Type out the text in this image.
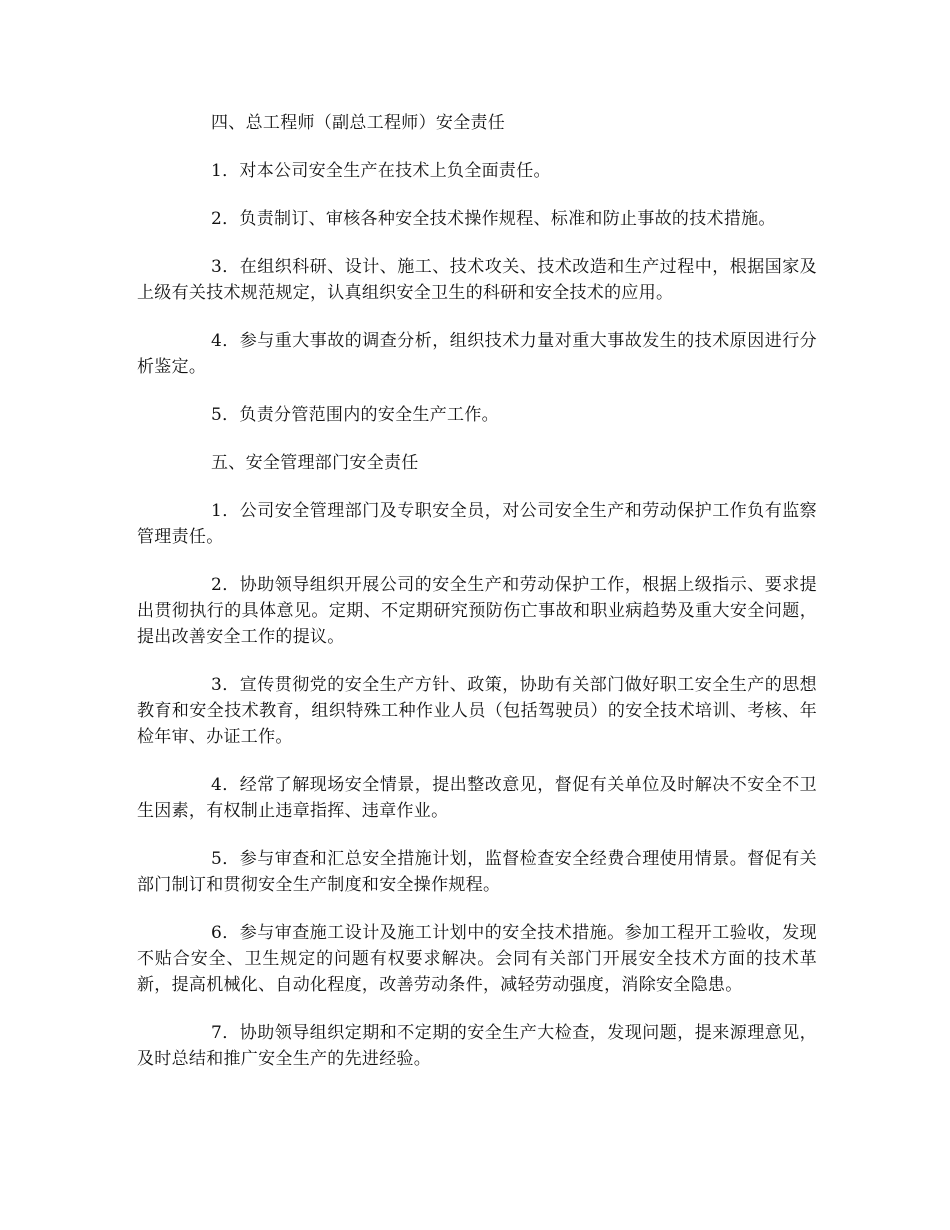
四、总工程师（副总工程师）安全责任

1．对本公司安全生产在技术上负全面责任。

2．负责制订、审核各种安全技术操作规程、标准和防止事故的技术措施。

3．在组织科研、设计、施工、技术攻关、技术改造和生产过程中，根据国家及上级有关技术规范规定，认真组织安全卫生的科研和安全技术的应用。

4．参与重大事故的调查分析，组织技术力量对重大事故发生的技术原因进行分析鉴定。

5．负责分管范围内的安全生产工作。

五、安全管理部门安全责任

1．公司安全管理部门及专职安全员，对公司安全生产和劳动保护工作负有监察管理责任。

2．协助领导组织开展公司的安全生产和劳动保护工作，根据上级指示、要求提出贯彻执行的具体意见。定期、不定期研究预防伤亡事故和职业病趋势及重大安全问题，提出改善安全工作的提议。

3．宣传贯彻党的安全生产方针、政策，协助有关部门做好职工安全生产的思想教育和安全技术教育，组织特殊工种作业人员（包括驾驶员）的安全技术培训、考核、年检年审、办证工作。

4．经常了解现场安全情景，提出整改意见，督促有关单位及时解决不安全不卫生因素，有权制止违章指挥、违章作业。

5．参与审查和汇总安全措施计划，监督检查安全经费合理使用情景。督促有关部门制订和贯彻安全生产制度和安全操作规程。

6．参与审查施工设计及施工计划中的安全技术措施。参加工程开工验收，发现不贴合安全、卫生规定的问题有权要求解决。会同有关部门开展安全技术方面的技术革新，提高机械化、自动化程度，改善劳动条件，减轻劳动强度，消除安全隐患。

7．协助领导组织定期和不定期的安全生产大检查，发现问题，提来源理意见，及时总结和推广安全生产的先进经验。
